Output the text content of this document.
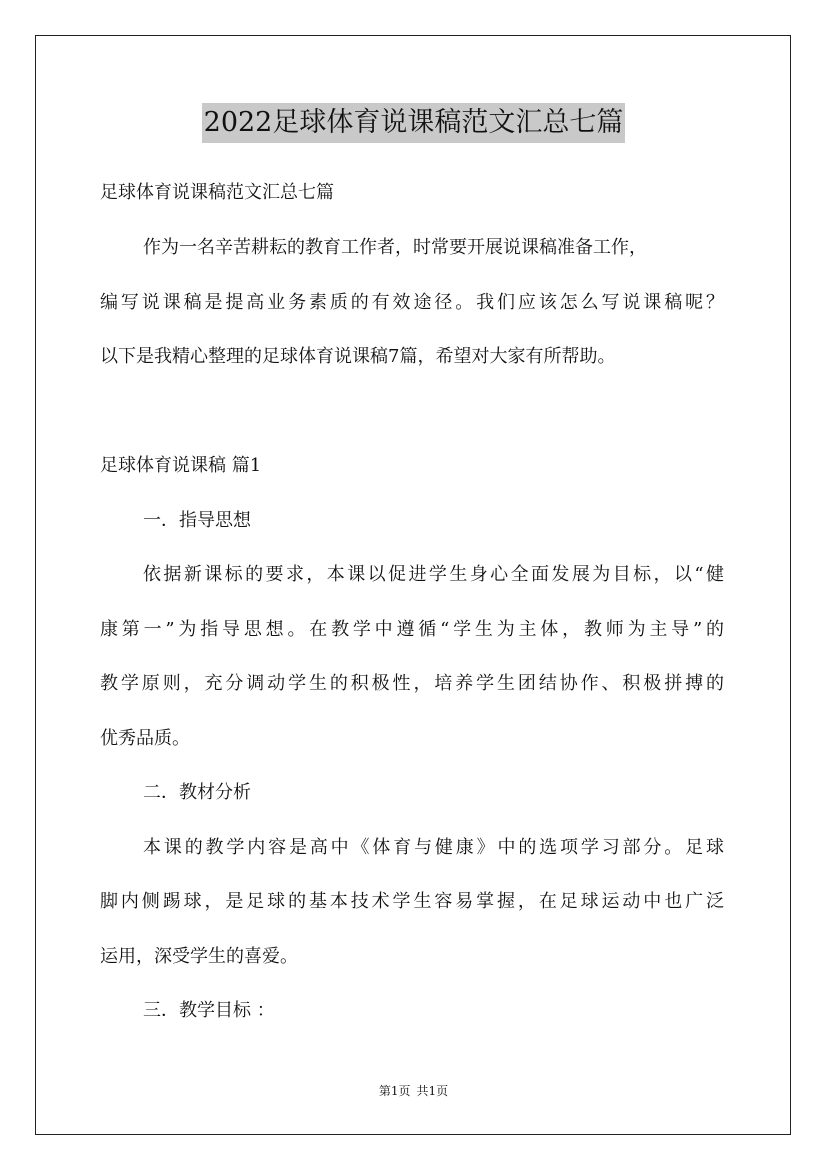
2022足球体育说课稿范文汇总七篇
足球体育说课稿范文汇总七篇
作为一名辛苦耕耘的教育工作者，时常要开展说课稿准备工作，
编写说课稿是提高业务素质的有效途径。我们应该怎么写说课稿呢？
以下是我精心整理的足球体育说课稿7篇，希望对大家有所帮助。
足球体育说课稿 篇1
一．指导思想
依据新课标的要求，本课以促进学生身心全面发展为目标，以“健
康第一”为指导思想。在教学中遵循“学生为主体，教师为主导”的
教学原则，充分调动学生的积极性，培养学生团结协作、积极拼搏的
优秀品质。
二．教材分析
本课的教学内容是高中《体育与健康》中的选项学习部分。足球
脚内侧踢球，是足球的基本技术学生容易掌握，在足球运动中也广泛
运用，深受学生的喜爱。
三．教学目标 ：
第1页 共1页
